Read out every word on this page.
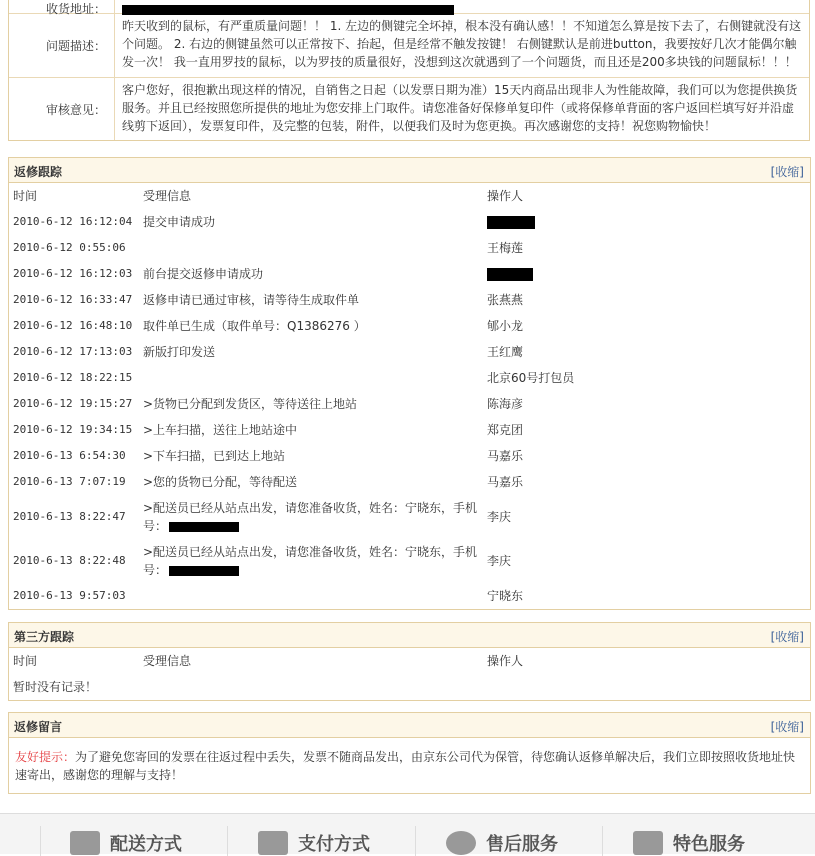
收货地址：
问题描述：
昨天收到的鼠标，有严重质量问题！！ 1. 左边的侧键完全坏掉，根本没有确认感！！不知道怎么算是按下去了，右侧键就没有这个问题。 2. 右边的侧键虽然可以正常按下、抬起，但是经常不触发按键！ 右侧键默认是前进button，我要按好几次才能偶尔触发一次！ 我一直用罗技的鼠标，以为罗技的质量很好，没想到这次就遇到了一个问题货，而且还是200多块钱的问题鼠标！！！
审核意见：
客户您好，很抱歉出现这样的情况，自销售之日起（以发票日期为准）15天内商品出现非人为性能故障，我们可以为您提供换货服务。并且已经按照您所提供的地址为您安排上门取件。请您准备好保修单复印件（或将保修单背面的客户返回栏填写好并沿虚线剪下返回），发票复印件，及完整的包装，附件，以便我们及时为您更换。再次感谢您的支持！祝您购物愉快！
返修跟踪	[收缩]
时间	受理信息	操作人
2010-6-12 16:12:04	提交申请成功	
2010-6-12 0:55:06		王梅莲
2010-6-12 16:12:03	前台提交返修申请成功	
2010-6-12 16:33:47	返修申请已通过审核，请等待生成取件单	张燕燕
2010-6-12 16:48:10	取件单已生成（取件单号：Q1386276 ）	郇小龙
2010-6-12 17:13:03	新版打印发送	王红鹰
2010-6-12 18:22:15		北京60号打包员
2010-6-12 19:15:27	>货物已分配到发货区，等待送往上地站	陈海彦
2010-6-12 19:34:15	>上车扫描，送往上地站途中	郑克团
2010-6-13 6:54:30	>下车扫描，已到达上地站	马嘉乐
2010-6-13 7:07:19	>您的货物已分配，等待配送	马嘉乐
2010-6-13 8:22:47	>配送员已经从站点出发，请您准备收货，姓名：宁晓东，手机号：	李庆
2010-6-13 8:22:48	>配送员已经从站点出发，请您准备收货，姓名：宁晓东，手机号：	李庆
2010-6-13 9:57:03		宁晓东
第三方跟踪	[收缩]
时间	受理信息	操作人
暂时没有记录！
返修留言	[收缩]
友好提示：为了避免您寄回的发票在往返过程中丢失，发票不随商品发出，由京东公司代为保管，待您确认返修单解决后，我们立即按照收货地址快速寄出，感谢您的理解与支持！
配送方式	支付方式	售后服务	特色服务
